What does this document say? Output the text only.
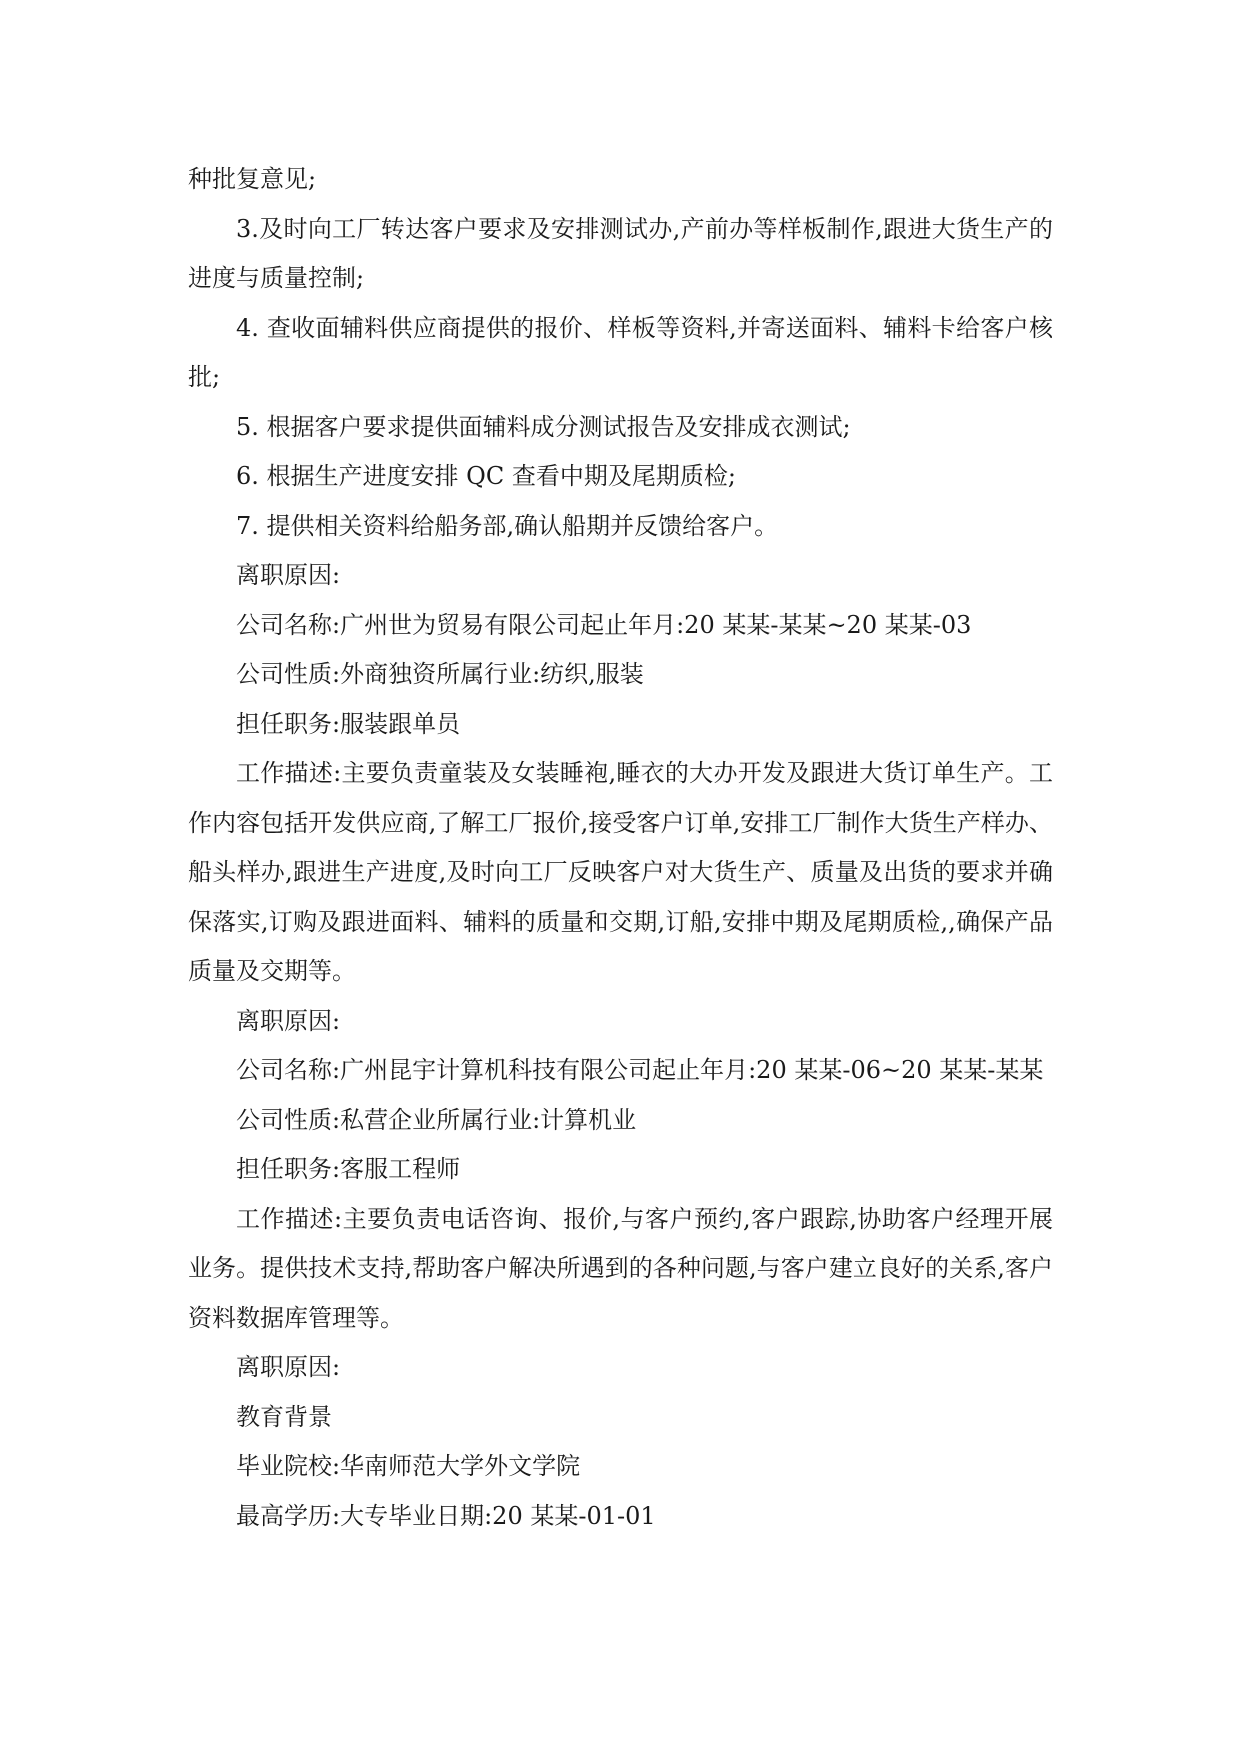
种批复意见;

3.及时向工厂转达客户要求及安排测试办,产前办等样板制作,跟进大货生产的进度与质量控制;

4. 查收面辅料供应商提供的报价、样板等资料,并寄送面料、辅料卡给客户核批;

5. 根据客户要求提供面辅料成分测试报告及安排成衣测试;

6. 根据生产进度安排 QC 查看中期及尾期质检;

7. 提供相关资料给船务部,确认船期并反馈给客户。

离职原因:

公司名称:广州世为贸易有限公司起止年月:20 某某-某某~20 某某-03

公司性质:外商独资所属行业:纺织,服装

担任职务:服装跟单员

工作描述:主要负责童装及女装睡袍,睡衣的大办开发及跟进大货订单生产。工作内容包括开发供应商,了解工厂报价,接受客户订单,安排工厂制作大货生产样办、船头样办,跟进生产进度,及时向工厂反映客户对大货生产、质量及出货的要求并确保落实,订购及跟进面料、辅料的质量和交期,订船,安排中期及尾期质检,,确保产品质量及交期等。

离职原因:

公司名称:广州昆宇计算机科技有限公司起止年月:20 某某-06~20 某某-某某

公司性质:私营企业所属行业:计算机业

担任职务:客服工程师

工作描述:主要负责电话咨询、报价,与客户预约,客户跟踪,协助客户经理开展业务。提供技术支持,帮助客户解决所遇到的各种问题,与客户建立良好的关系,客户资料数据库管理等。

离职原因:

教育背景

毕业院校:华南师范大学外文学院

最高学历:大专毕业日期:20 某某-01-01
